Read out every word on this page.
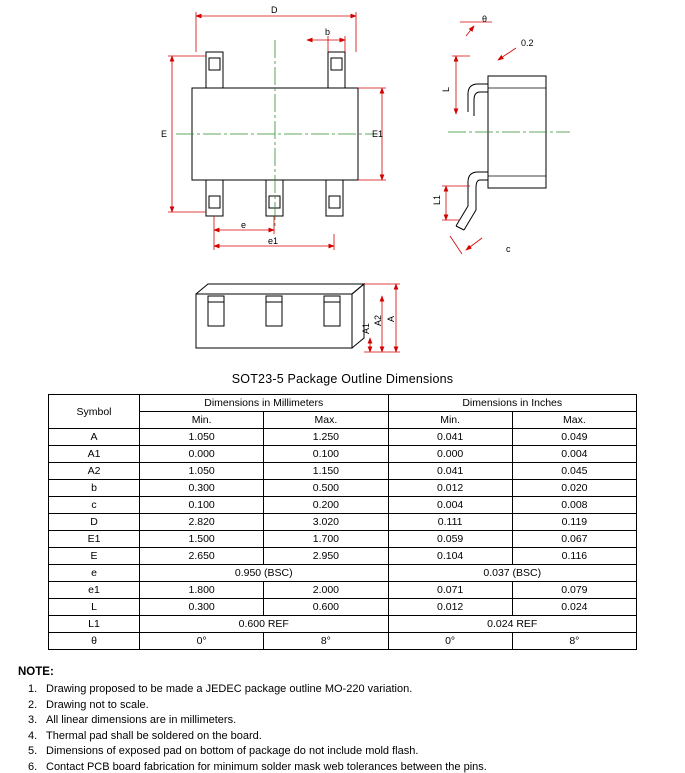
D
b
E	E1
e
e1
θ
0.2
L
L1
c
A
A2
A1
SOT23-5 Package Outline Dimensions
Symbol	Dimensions in Millimeters		Dimensions in Inches	
	Min.	Max.	Min.	Max.
A	1.050	1.250	0.041	0.049
A1	0.000	0.100	0.000	0.004
A2	1.050	1.150	0.041	0.045
b	0.300	0.500	0.012	0.020
c	0.100	0.200	0.004	0.008
D	2.820	3.020	0.111	0.119
E1	1.500	1.700	0.059	0.067
E	2.650	2.950	0.104	0.116
e	0.950 (BSC)		0.037 (BSC)	
e1	1.800	2.000	0.071	0.079
L	0.300	0.600	0.012	0.024
L1	0.600 REF		0.024 REF	
θ	0°	8°	0°	8°
NOTE:
1. Drawing proposed to be made a JEDEC package outline MO-220 variation.
2. Drawing not to scale.
3. All linear dimensions are in millimeters.
4. Thermal pad shall be soldered on the board.
5. Dimensions of exposed pad on bottom of package do not include mold flash.
6. Contact PCB board fabrication for minimum solder mask web tolerances between the pins.
